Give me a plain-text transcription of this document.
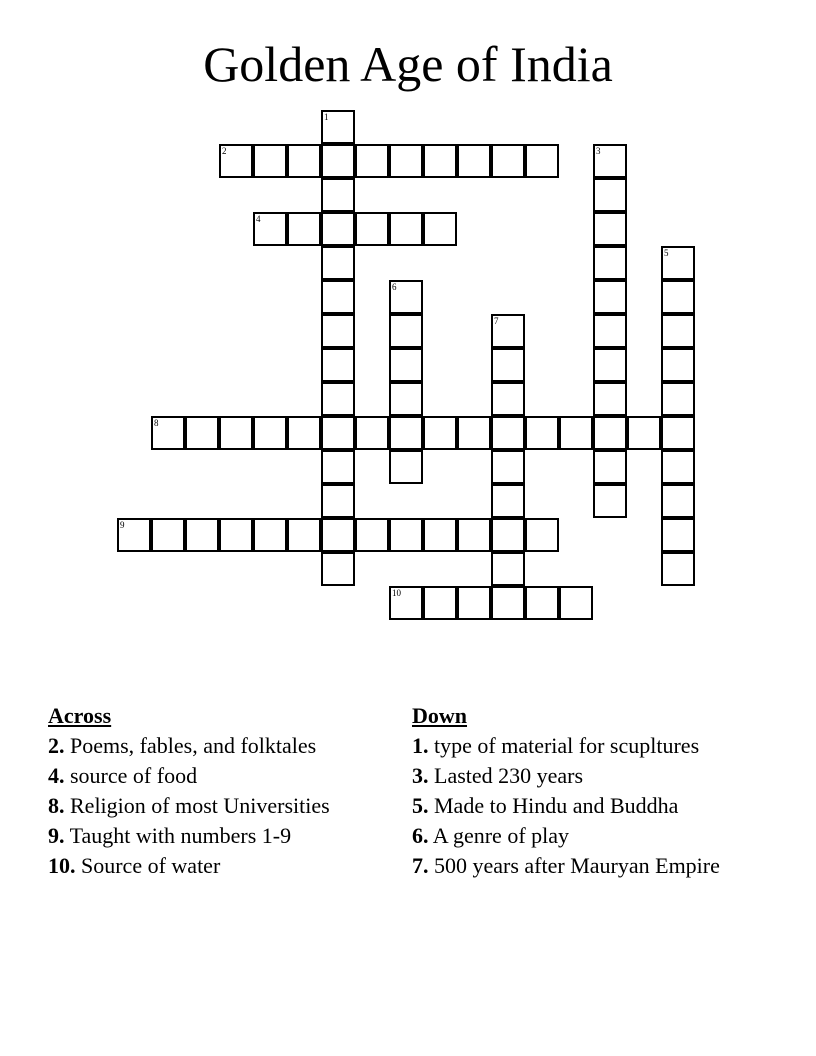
Golden Age of India
1
2	3
4
5
6
7
8
9
10
Across
2. Poems, fables, and folktales
4. source of food
8. Religion of most Universities
9. Taught with numbers 1-9
10. Source of water
Down
1. type of material for scupltures
3. Lasted 230 years
5. Made to Hindu and Buddha
6. A genre of play
7. 500 years after Mauryan Empire
